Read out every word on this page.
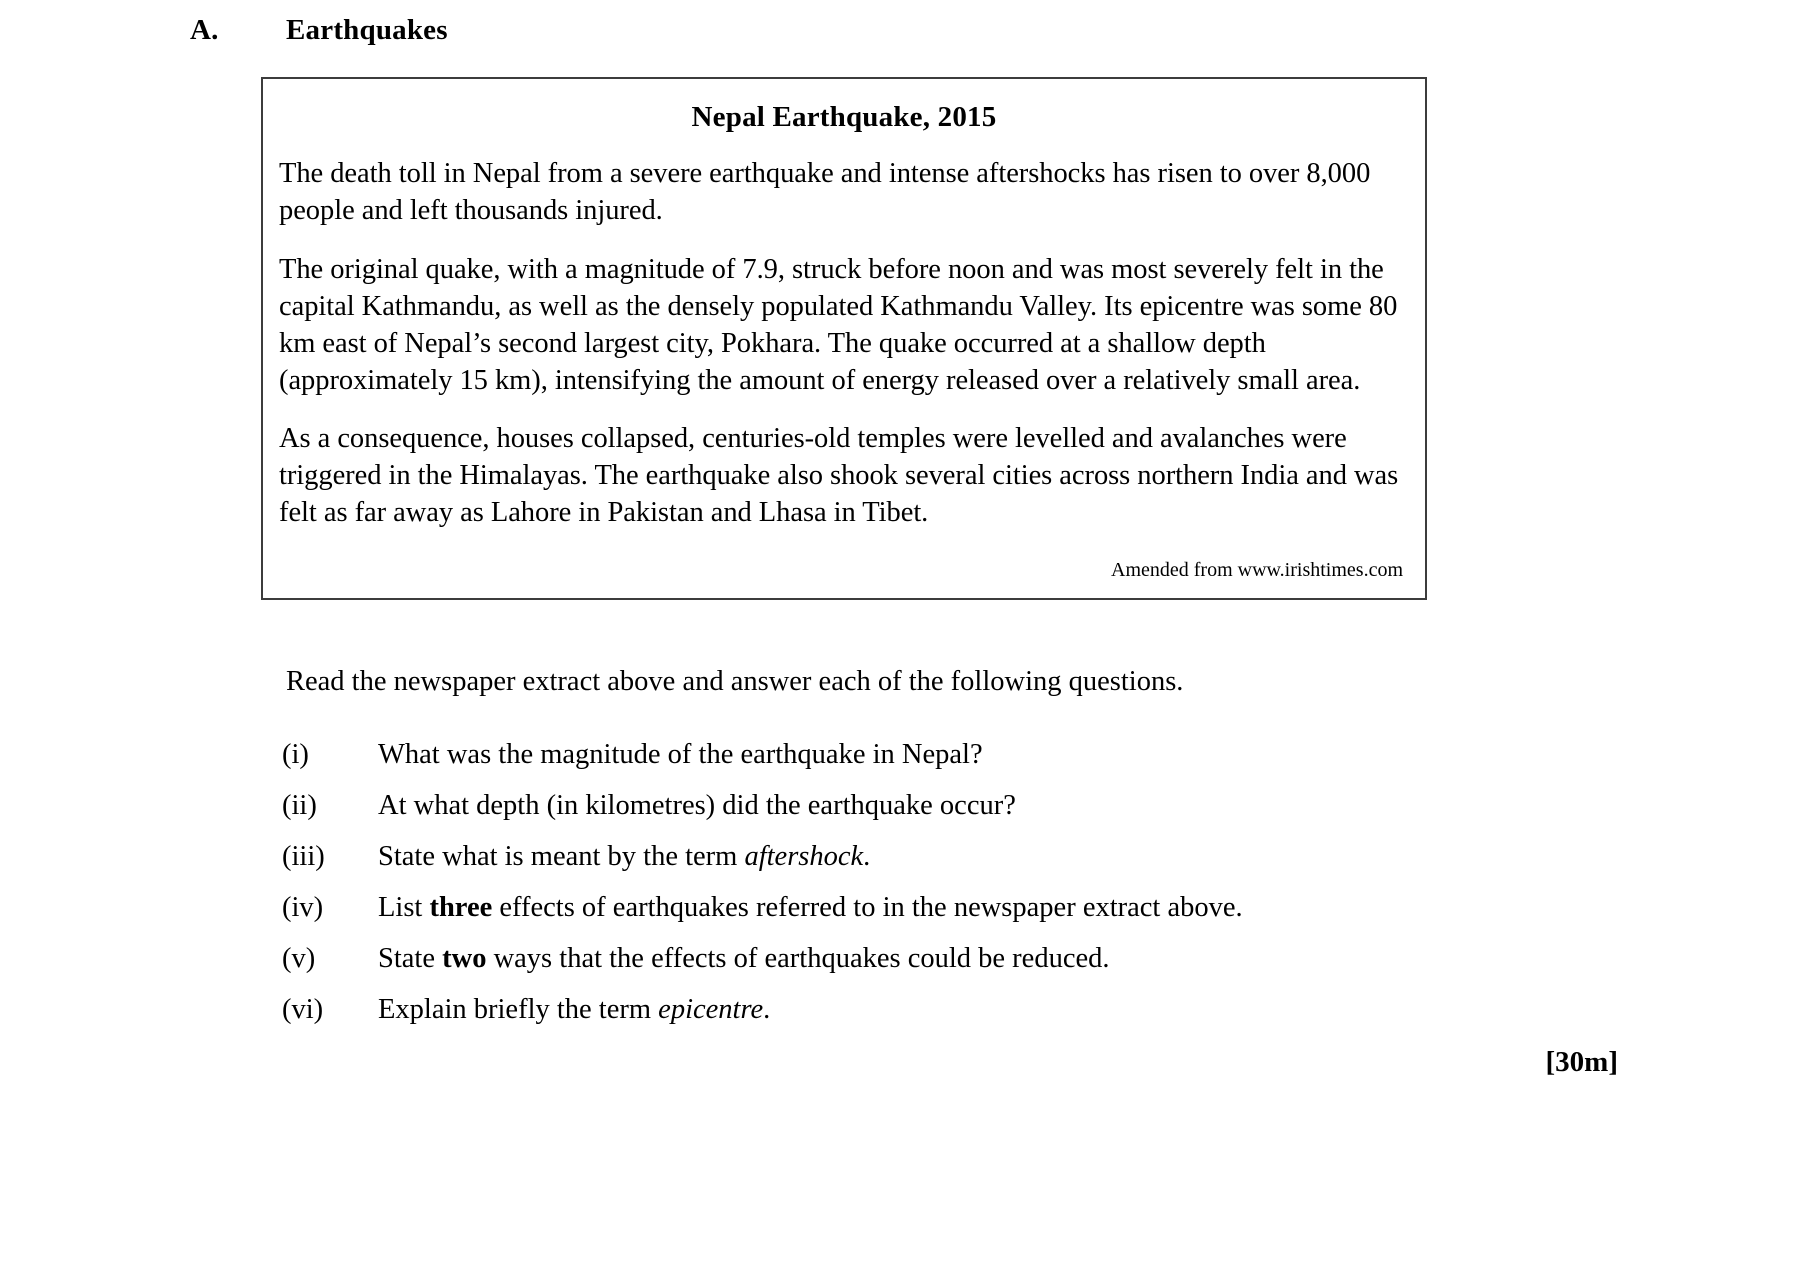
A. Earthquakes
Nepal Earthquake, 2015

The death toll in Nepal from a severe earthquake and intense aftershocks has risen to over 8,000 people and left thousands injured.

The original quake, with a magnitude of 7.9, struck before noon and was most severely felt in the capital Kathmandu, as well as the densely populated Kathmandu Valley. Its epicentre was some 80 km east of Nepal’s second largest city, Pokhara. The quake occurred at a shallow depth (approximately 15 km), intensifying the amount of energy released over a relatively small area.

As a consequence, houses collapsed, centuries-old temples were levelled and avalanches were triggered in the Himalayas. The earthquake also shook several cities across northern India and was felt as far away as Lahore in Pakistan and Lhasa in Tibet.

Amended from www.irishtimes.com
Read the newspaper extract above and answer each of the following questions.
(i)	What was the magnitude of the earthquake in Nepal?
(ii)	At what depth (in kilometres) did the earthquake occur?
(iii)	State what is meant by the term aftershock.
(iv)	List three effects of earthquakes referred to in the newspaper extract above.
(v)	State two ways that the effects of earthquakes could be reduced.
(vi)	Explain briefly the term epicentre.
[30m]
